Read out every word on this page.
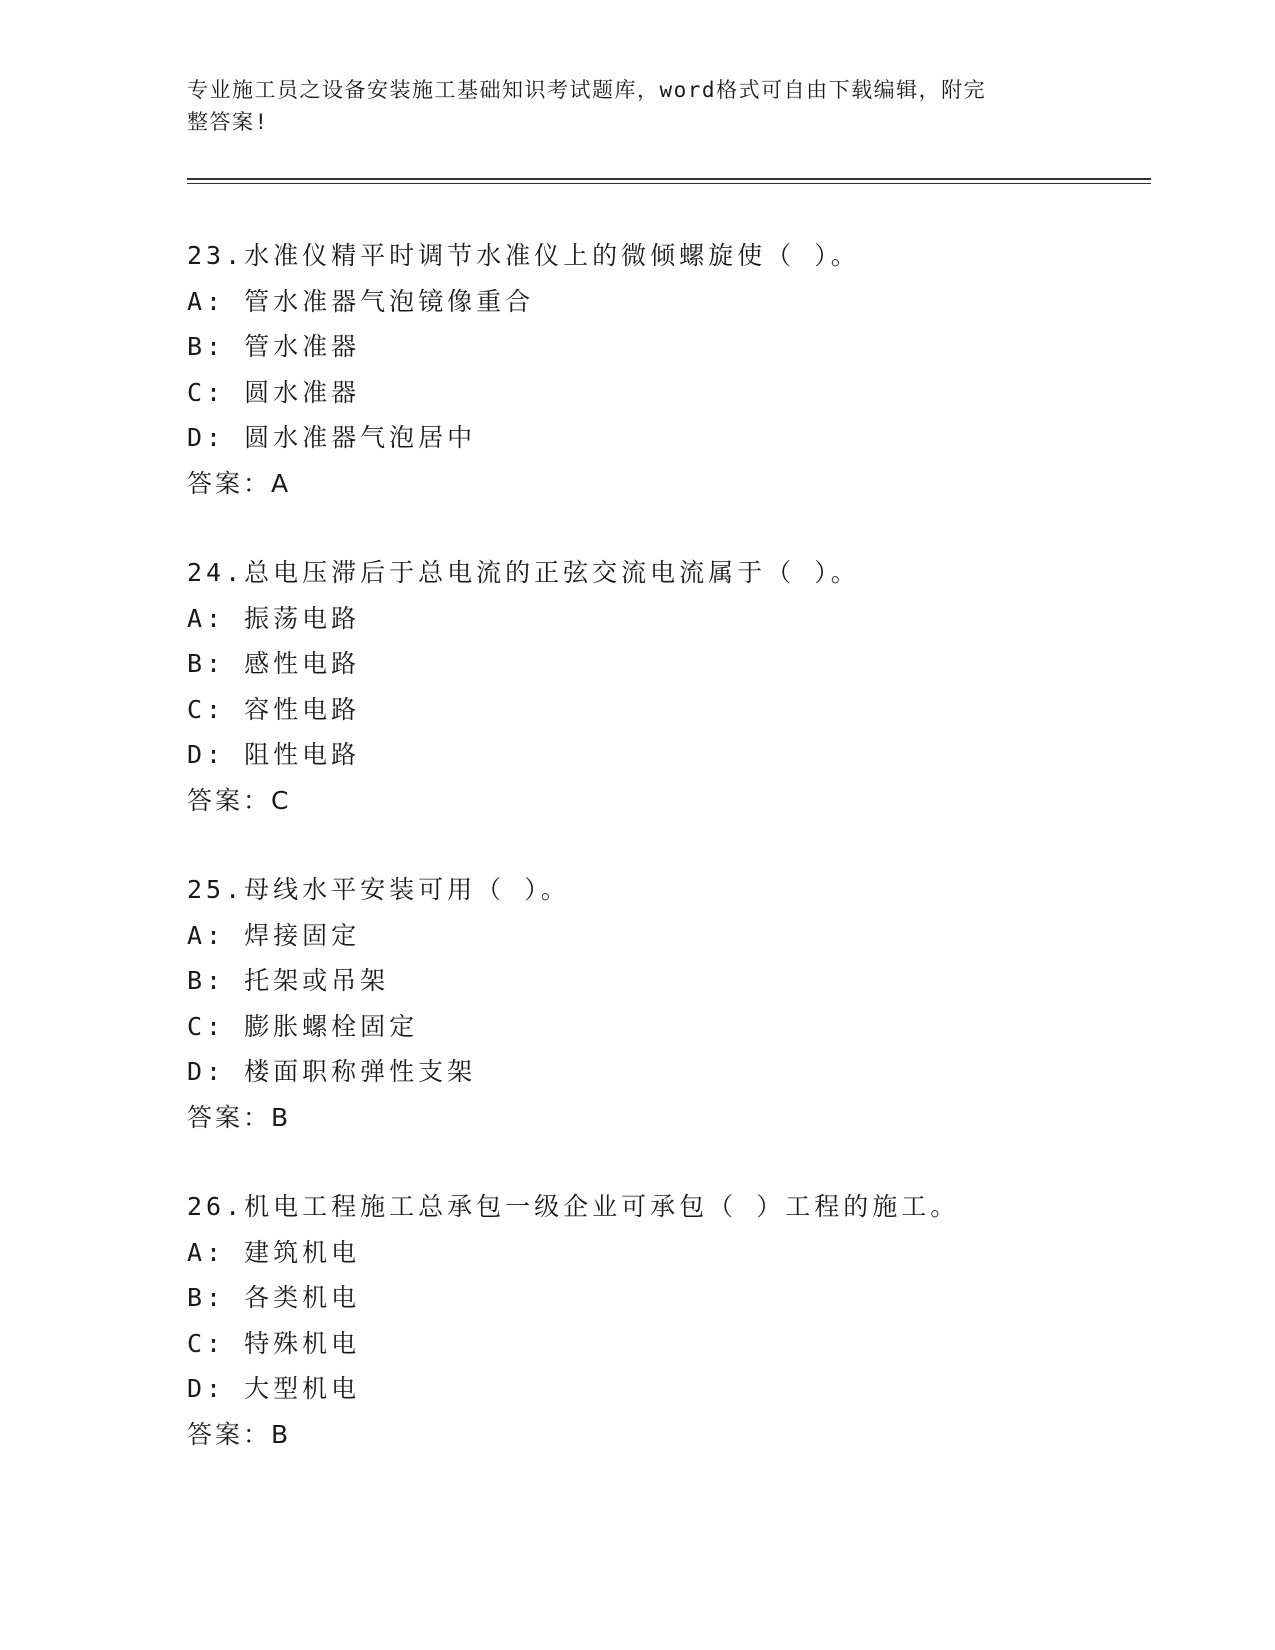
专业施工员之设备安装施工基础知识考试题库，word格式可自由下载编辑，附完
整答案!
23.水准仪精平时调节水准仪上的微倾螺旋使（ ）。
A: 管水准器气泡镜像重合
B: 管水准器
C: 圆水准器
D: 圆水准器气泡居中
答案：A
24.总电压滞后于总电流的正弦交流电流属于（ ）。
A: 振荡电路
B: 感性电路
C: 容性电路
D: 阻性电路
答案：C
25.母线水平安装可用（ ）。
A: 焊接固定
B: 托架或吊架
C: 膨胀螺栓固定
D: 楼面职称弹性支架
答案：B
26.机电工程施工总承包一级企业可承包（ ）工程的施工。
A: 建筑机电
B: 各类机电
C: 特殊机电
D: 大型机电
答案：B
